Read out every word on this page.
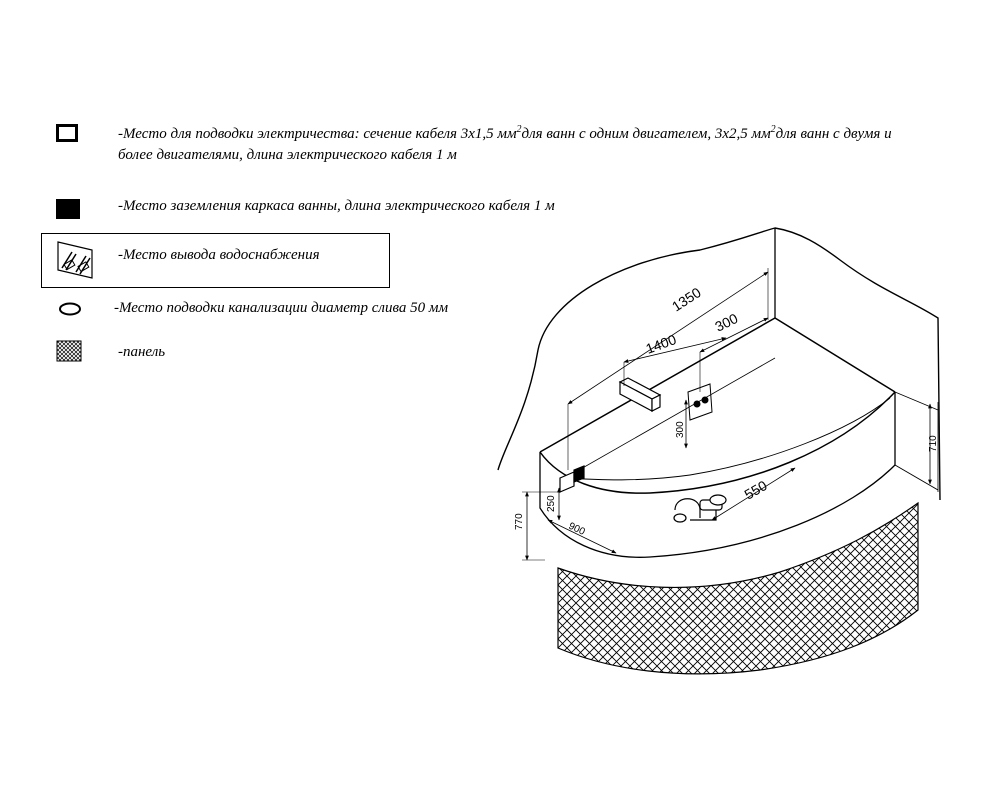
-Место для подводки электричества: сечение кабеля 3х1,5 $мм^2для$ ванн с одним двигателем, 3х2,5 $мм^2для$ ванн с двумя и
более двигателями, длина электрического кабеля 1 м
-Место заземления каркаса ванны, длина электрического кабеля 1 м
-Место вывода водоснабжения
-Место подводки канализации диаметр слива 50 мм
-панель
1350
1400
300
300
710
770
250
900
550
